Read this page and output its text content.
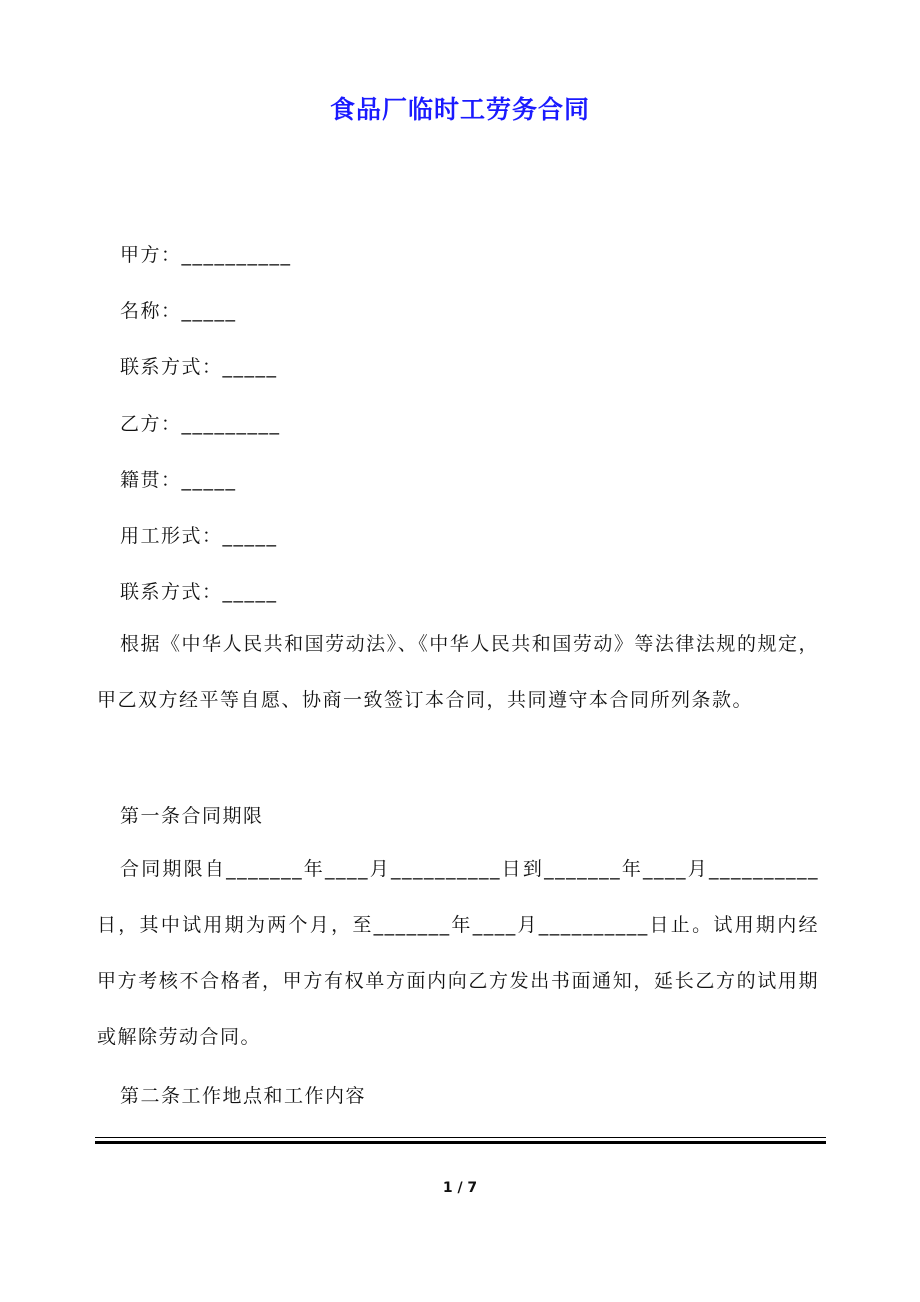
食品厂临时工劳务合同
甲方：__________
名称：_____
联系方式：_____
乙方：_________
籍贯：_____
用工形式：_____
联系方式：_____
根据《中华人民共和国劳动法》、《中华人民共和国劳动》等法律法规的规定，甲乙双方经平等自愿、协商一致签订本合同，共同遵守本合同所列条款。
第一条合同期限
合同期限自_______年____月__________日到_______年____月__________日，其中试用期为两个月，至_______年____月__________日止。试用期内经甲方考核不合格者，甲方有权单方面内向乙方发出书面通知，延长乙方的试用期或解除劳动合同。
第二条工作地点和工作内容
1 / 7
